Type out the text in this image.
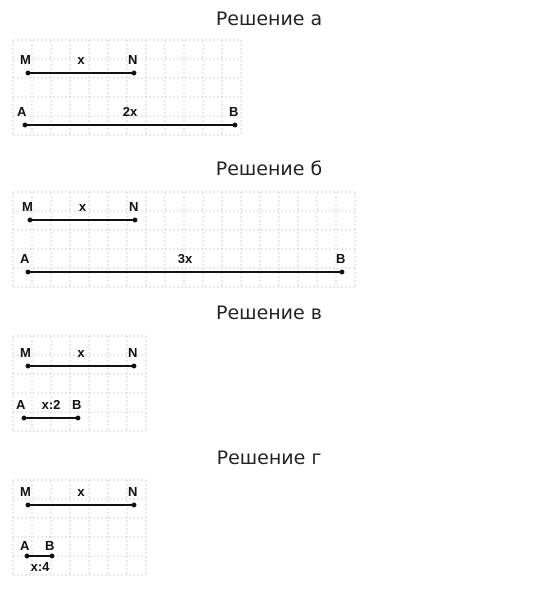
Решение а
M	N
x
A	B
2x
Решение б
M	N
x
A	B
3x
Решение в
M	N
x
A	B
x:2
Решение г
M	N
x
A B
x:4
